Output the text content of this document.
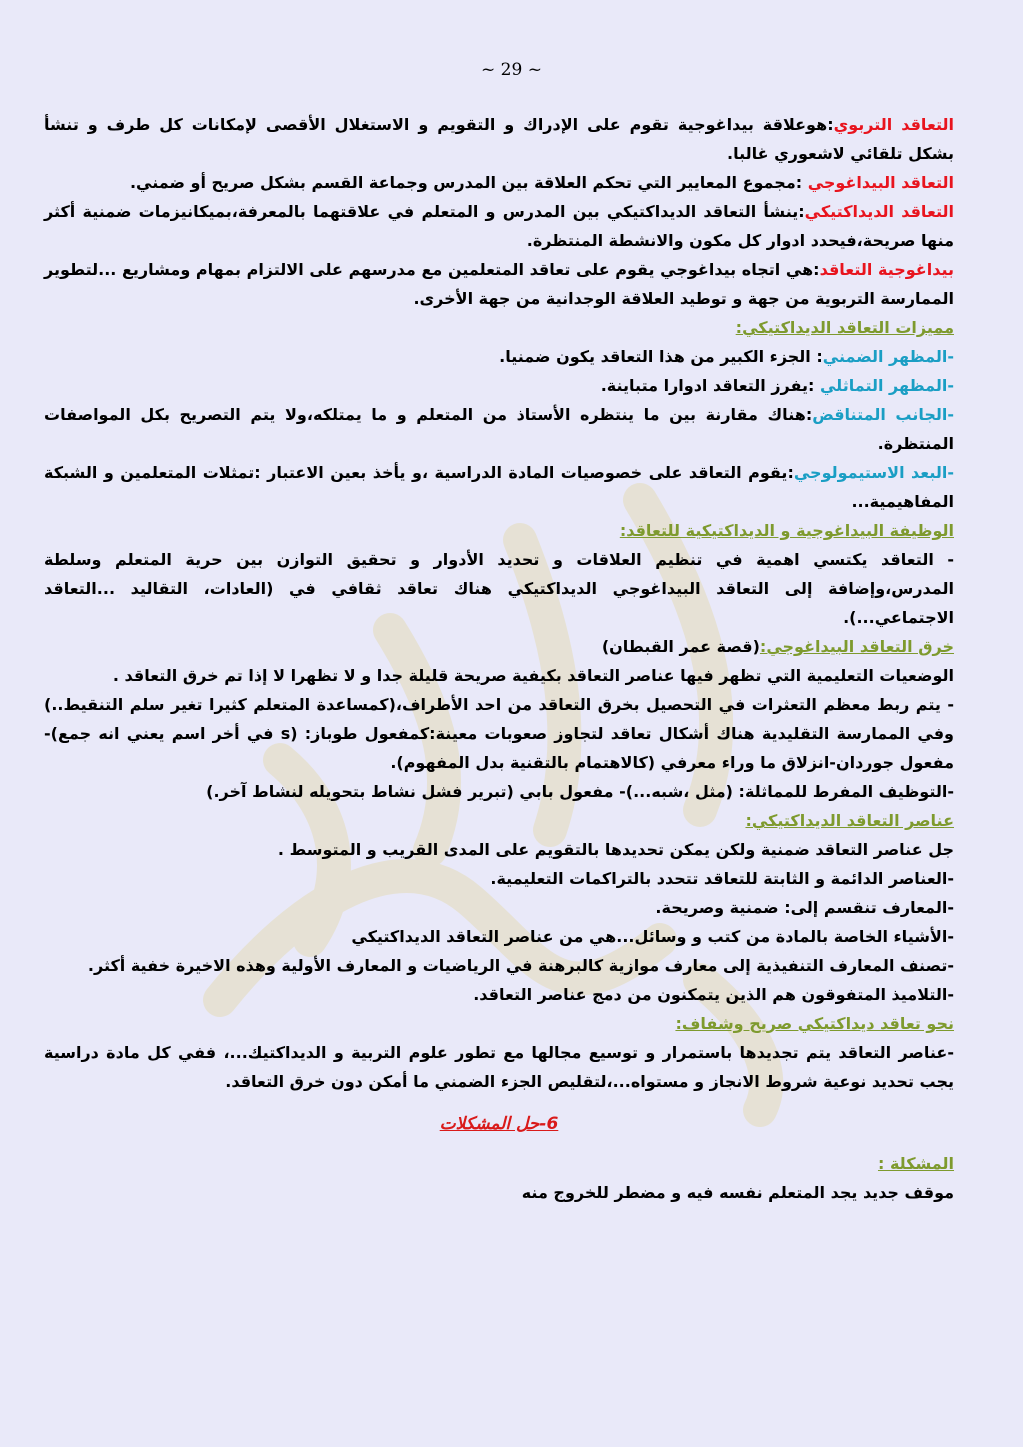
~ 29 ~

التعاقد التربوي:هوعلاقة بيداغوجية تقوم على الإدراك و التقويم و الاستغلال الأقصى لإمكانات كل طرف و تنشأ بشكل تلقائي لاشعوري غالبا.

التعاقد البيداغوجي :مجموع المعايير التي تحكم العلاقة بين المدرس وجماعة القسم بشكل صريح أو ضمني.

التعاقد الديداكتيكي:ينشأ التعاقد الديداكتيكي بين المدرس و المتعلم في علاقتهما بالمعرفة،بميكانيزمات ضمنية أكثر منها صريحة،فيحدد ادوار كل مكون والانشطة المنتظرة.

بيداغوجية التعاقد:هي اتجاه بيداغوجي يقوم على تعاقد المتعلمين مع مدرسهم على الالتزام بمهام ومشاريع ...لتطوير الممارسة التربوية من جهة و توطيد العلاقة الوجدانية من جهة الأخرى.

مميزات التعاقد الديداكتيكي:

-المظهر الضمني: الجزء الكبير من هذا التعاقد يكون ضمنيا.

-المظهر التماثلي :يفرز التعاقد ادوارا متباينة.

-الجانب المتناقض:هناك مقارنة بين ما ينتظره الأستاذ من المتعلم و ما يمتلكه،ولا يتم التصريح بكل المواصفات المنتظرة.

-البعد الاستيمولوجي:يقوم التعاقد على خصوصيات المادة الدراسية ،و يأخذ بعين الاعتبار :تمثلات المتعلمين و الشبكة المفاهيمية...

الوظيفة البيداغوجية و الديداكتيكية للتعاقد:

- التعاقد يكتسي اهمية في تنظيم العلاقات و تحديد الأدوار و تحقيق التوازن بين حرية المتعلم وسلطة المدرس،وإضافة إلى التعاقد البيداغوجي الديداكتيكي هناك تعاقد ثقافي في (العادات، التقاليد ...التعاقد الاجتماعي...).

خرق التعاقد البيداغوجي:(قصة عمر القبطان)

الوضعيات التعليمية التي تظهر فيها عناصر التعاقد بكيفية صريحة قليلة جدا و لا تظهرا لا إذا تم خرق التعاقد .

- يتم ربط معظم التعثرات في التحصيل بخرق التعاقد من احد الأطراف،(كمساعدة المتعلم كثيرا تغير سلم التنقيط..) وفي الممارسة التقليدية هناك أشكال تعاقد لتجاوز صعوبات معينة:كمفعول طوباز: (s في أخر اسم يعني انه جمع)-مفعول جوردان-انزلاق ما وراء معرفي (كالاهتمام بالتقنية بدل المفهوم).

-التوظيف المفرط للمماثلة: (مثل ،شبه...)- مفعول بابي (تبرير فشل نشاط بتحويله لنشاط آخر.)

عناصر التعاقد الديداكتيكي:

جل عناصر التعاقد ضمنية ولكن يمكن تحديدها بالتقويم على المدى القريب و المتوسط .

-العناصر الدائمة و الثابتة للتعاقد تتحدد بالتراكمات التعليمية.

-المعارف تنقسم إلى: ضمنية وصريحة.

-الأشياء الخاصة بالمادة من كتب و وسائل...هي من عناصر التعاقد الديداكتيكي

-تصنف المعارف التنفيذية إلى معارف موازية كالبرهنة في الرياضيات و المعارف الأولية وهذه الاخيرة خفية أكثر.

-التلاميذ المتفوقون هم الذين يتمكنون من دمج عناصر التعاقد.

نحو تعاقد ديداكتيكي صريح وشفاف:

-عناصر التعاقد يتم تجديدها باستمرار و توسيع مجالها مع تطور علوم التربية و الديداكتيك...، ففي كل مادة دراسية يجب تحديد نوعية شروط الانجاز و مستواه...،لتقليص الجزء الضمني ما أمكن دون خرق التعاقد.

6-حل المشكلات

المشكلة :

موقف جديد يجد المتعلم نفسه فيه و مضطر للخروج منه
